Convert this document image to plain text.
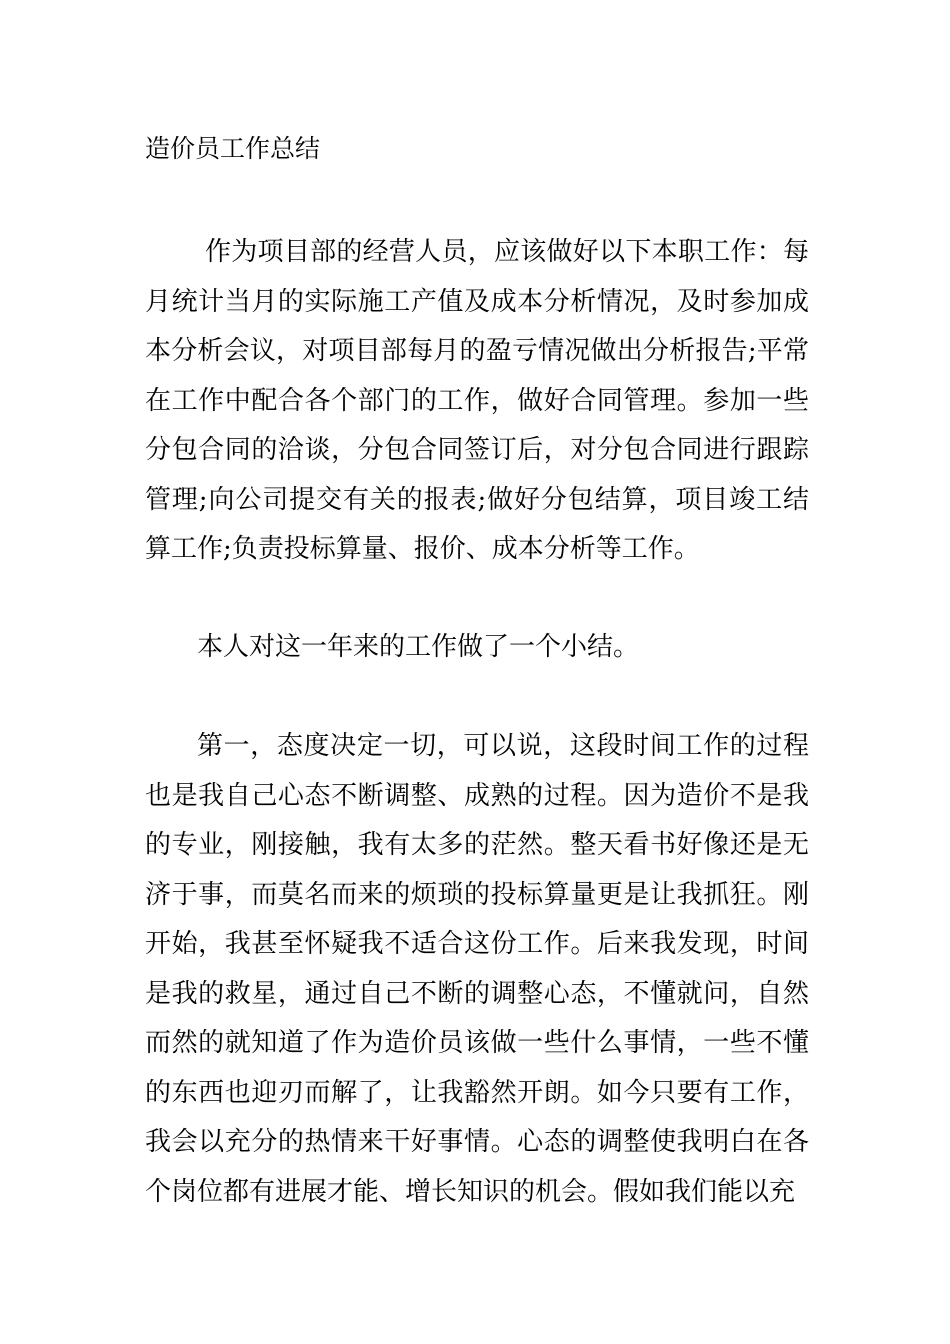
造价员工作总结

作为项目部的经营人员，应该做好以下本职工作：每月统计当月的实际施工产值及成本分析情况，及时参加成本分析会议，对项目部每月的盈亏情况做出分析报告;平常在工作中配合各个部门的工作，做好合同管理。参加一些分包合同的洽谈，分包合同签订后，对分包合同进行跟踪管理;向公司提交有关的报表;做好分包结算，项目竣工结算工作;负责投标算量、报价、成本分析等工作。

本人对这一年来的工作做了一个小结。

第一，态度决定一切，可以说，这段时间工作的过程也是我自己心态不断调整、成熟的过程。因为造价不是我的专业，刚接触，我有太多的茫然。整天看书好像还是无济于事，而莫名而来的烦琐的投标算量更是让我抓狂。刚开始，我甚至怀疑我不适合这份工作。后来我发现，时间是我的救星，通过自己不断的调整心态，不懂就问，自然而然的就知道了作为造价员该做一些什么事情，一些不懂的东西也迎刃而解了，让我豁然开朗。如今只要有工作，我会以充分的热情来干好事情。心态的调整使我明白在各个岗位都有进展才能、增长知识的机会。假如我们能以充
